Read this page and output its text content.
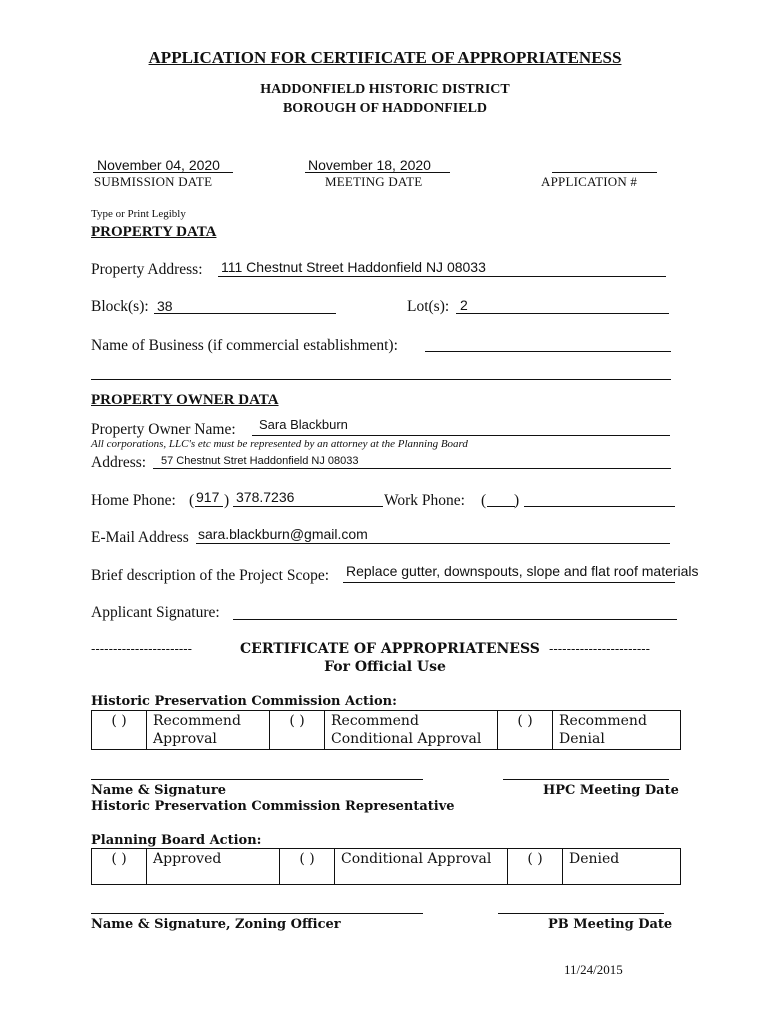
APPLICATION FOR CERTIFICATE OF APPROPRIATENESS
HADDONFIELD HISTORIC DISTRICT
BOROUGH OF HADDONFIELD
November 04, 2020
SUBMISSION DATE
November 18, 2020
MEETING DATE	APPLICATION #
Type or Print Legibly
PROPERTY DATA
Property Address: 111 Chestnut Street Haddonfield NJ 08033
Block(s): 38	Lot(s): 2
Name of Business (if commercial establishment):
PROPERTY OWNER DATA
Property Owner Name: Sara Blackburn
All corporations, LLC's etc must be represented by an attorney at the Planning Board
Address: 57 Chestnut Stret Haddonfield NJ 08033
Home Phone: ( 917 ) 378.7236	Work Phone: ( )
E-Mail Address sara.blackburn@gmail.com
Brief description of the Project Scope: Replace gutter, downspouts, slope and flat roof materials
Applicant Signature:
-----------------------	CERTIFICATE OF APPROPRIATENESS -----------------------
For Official Use
Historic Preservation Commission Action:
( )	Recommend
Approval
	( )	Recommend
Conditional Approval
	( )	Recommend
Denial
Name & Signature	HPC Meeting Date
Historic Preservation Commission Representative
Planning Board Action:
( )	Approved	( )	Conditional Approval	( )	Denied
Name & Signature, Zoning Officer	PB Meeting Date
11/24/2015
